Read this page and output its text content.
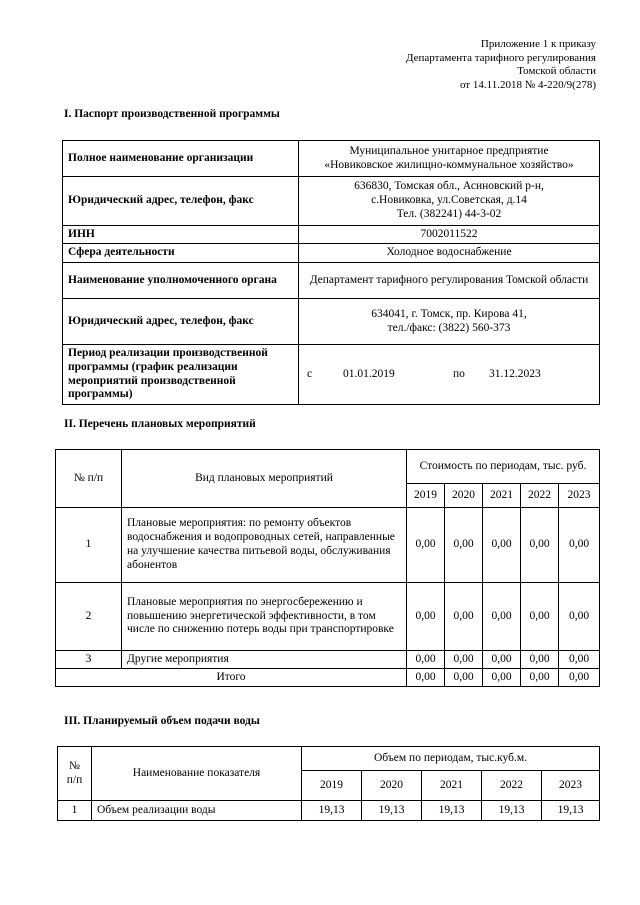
Приложение 1 к приказу
Департамента тарифного регулирования
Томской области
от 14.11.2018 № 4-220/9(278)
I. Паспорт производственной программы
Полное наименование организации	Муниципальное унитарное предприятие
«Новиковское жилищно-коммунальное хозяйство»

Юридический адрес, телефон, факс	636830, Томская обл., Асиновский р-н,
с.Новиковка, ул.Советская, д.14
Тел. (382241) 44-3-02

ИНН	7002011522
Сфера деятельности	Холодное водоснабжение
Наименование уполномоченного органа	Департамент тарифного регулирования Томской области
Юридический адрес, телефон, факс	634041, г. Томск, пр. Кирова 41,
тел./факс: (3822) 560-373

Период реализации производственной программы (график реализации мероприятий производственной программы)	с 01.01.2019 по 31.12.2023
II. Перечень плановых мероприятий
№ п/п	Вид плановых мероприятий	Стоимость по периодам, тыс. руб.				
		2019	2020	2021	2022	2023
1	Плановые мероприятия: по ремонту объектов водоснабжения и водопроводных сетей, направленные на улучшение качества питьевой воды, обслуживания абонентов	0,00	0,00	0,00	0,00	0,00
2	Плановые мероприятия по энергосбережению и повышению энергетической эффективности, в том числе по снижению потерь воды при транспортировке	0,00	0,00	0,00	0,00	0,00
3	Другие мероприятия	0,00	0,00	0,00	0,00	0,00
Итого		0,00	0,00	0,00	0,00	0,00
III. Планируемый объем подачи воды
№ п/п	Наименование показателя	Объем по периодам, тыс.куб.м.				
		2019	2020	2021	2022	2023
1	Объем реализации воды	19,13	19,13	19,13	19,13	19,13
